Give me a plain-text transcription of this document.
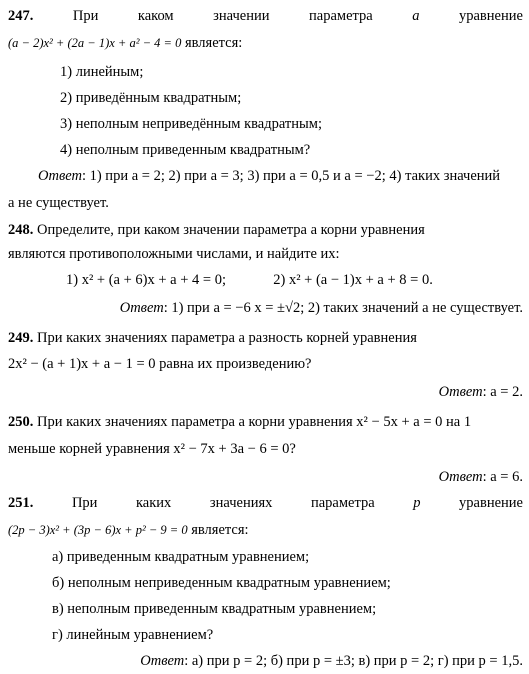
247.	При	каком	значении	параметра	a	уравнение
(a − 2)x² + (2a − 1)x + a² − 4 = 0 является:
1) линейным;
2) приведённым квадратным;
3) неполным неприведённым квадратным;
4) неполным приведенным квадратным?
Ответ: 1) при a = 2; 2) при a = 3; 3) при a = 0,5 и a = −2; 4) таких значений
a не существует.
248. Определите, при каком значении параметра a корни уравнения
являются противоположными числами, и найдите их:
1) x² + (a + 6)x + a + 4 = 0;	2) x² + (a − 1)x + a + 8 = 0.
Ответ: 1) при a = −6 x = ±√2; 2) таких значений a не существует.
249. При каких значениях параметра a разность корней уравнения
2x² − (a + 1)x + a − 1 = 0 равна их произведению?
Ответ: a = 2.
250. При каких значениях параметра a корни уравнения x² − 5x + a = 0 на 1
меньше корней уравнения x² − 7x + 3a − 6 = 0?
Ответ: a = 6.
251.	При	каких	значениях	параметра	p	уравнение
(2p − 3)x² + (3p − 6)x + p² − 9 = 0 является:
а) приведенным квадратным уравнением;
б) неполным неприведенным квадратным уравнением;
в) неполным приведенным квадратным уравнением;
г) линейным уравнением?
Ответ: а) при p = 2; б) при p = ±3; в) при p = 2; г) при p = 1,5.
